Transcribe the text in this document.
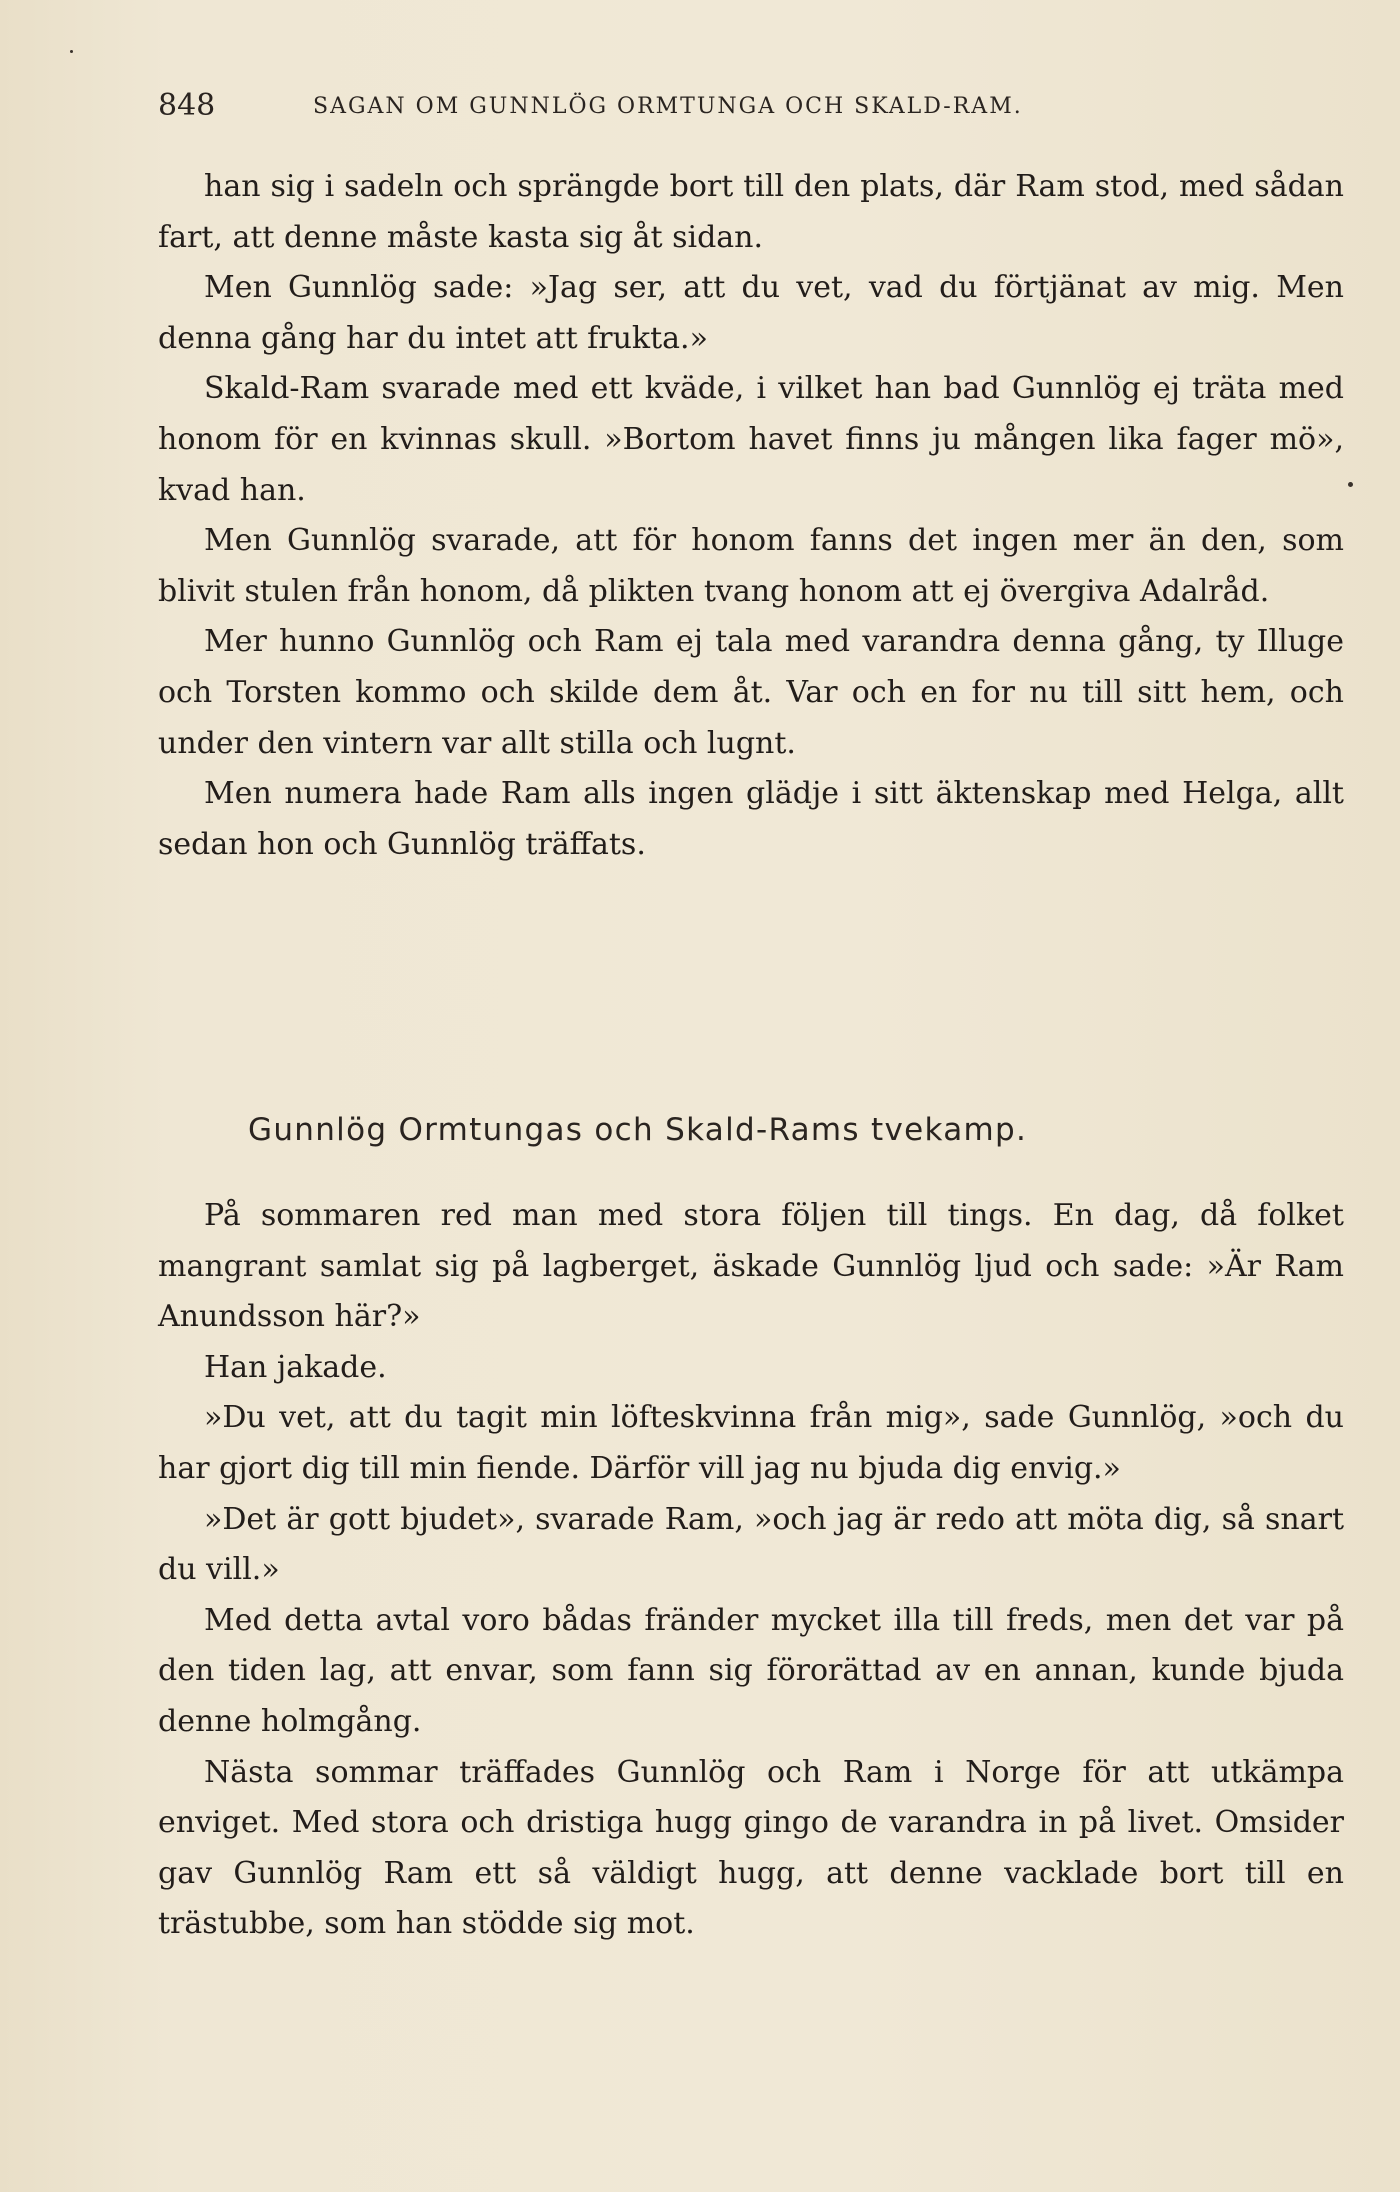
848	SAGAN OM GUNNLÖG ORMTUNGA OCH SKALD-RAM.

han sig i sadeln och sprängde bort till den plats, där Ram stod, med sådan fart, att denne måste kasta sig åt sidan.

Men Gunnlög sade: »Jag ser, att du vet, vad du förtjänat av mig. Men denna gång har du intet att frukta.»

Skald-Ram svarade med ett kväde, i vilket han bad Gunnlög ej träta med honom för en kvinnas skull. »Bortom havet finns ju mången lika fager mö», kvad han.

Men Gunnlög svarade, att för honom fanns det ingen mer än den, som blivit stulen från honom, då plikten tvang honom att ej övergiva Adalråd.

Mer hunno Gunnlög och Ram ej tala med varandra denna gång, ty Illuge och Torsten kommo och skilde dem åt. Var och en for nu till sitt hem, och under den vintern var allt stilla och lugnt.

Men numera hade Ram alls ingen glädje i sitt äktenskap med Helga, allt sedan hon och Gunnlög träffats.

Gunnlög Ormtungas och Skald-Rams tvekamp.

På sommaren red man med stora följen till tings. En dag, då folket mangrant samlat sig på lagberget, äskade Gunnlög ljud och sade: »Är Ram Anundsson här?»

Han jakade.

»Du vet, att du tagit min löfteskvinna från mig», sade Gunnlög, »och du har gjort dig till min fiende. Därför vill jag nu bjuda dig envig.»

»Det är gott bjudet», svarade Ram, »och jag är redo att möta dig, så snart du vill.»

Med detta avtal voro bådas fränder mycket illa till freds, men det var på den tiden lag, att envar, som fann sig förorättad av en annan, kunde bjuda denne holmgång.

Nästa sommar träffades Gunnlög och Ram i Norge för att utkämpa enviget. Med stora och dristiga hugg gingo de varandra in på livet. Omsider gav Gunnlög Ram ett så väldigt hugg, att denne vacklade bort till en trästubbe, som han stödde sig mot.
